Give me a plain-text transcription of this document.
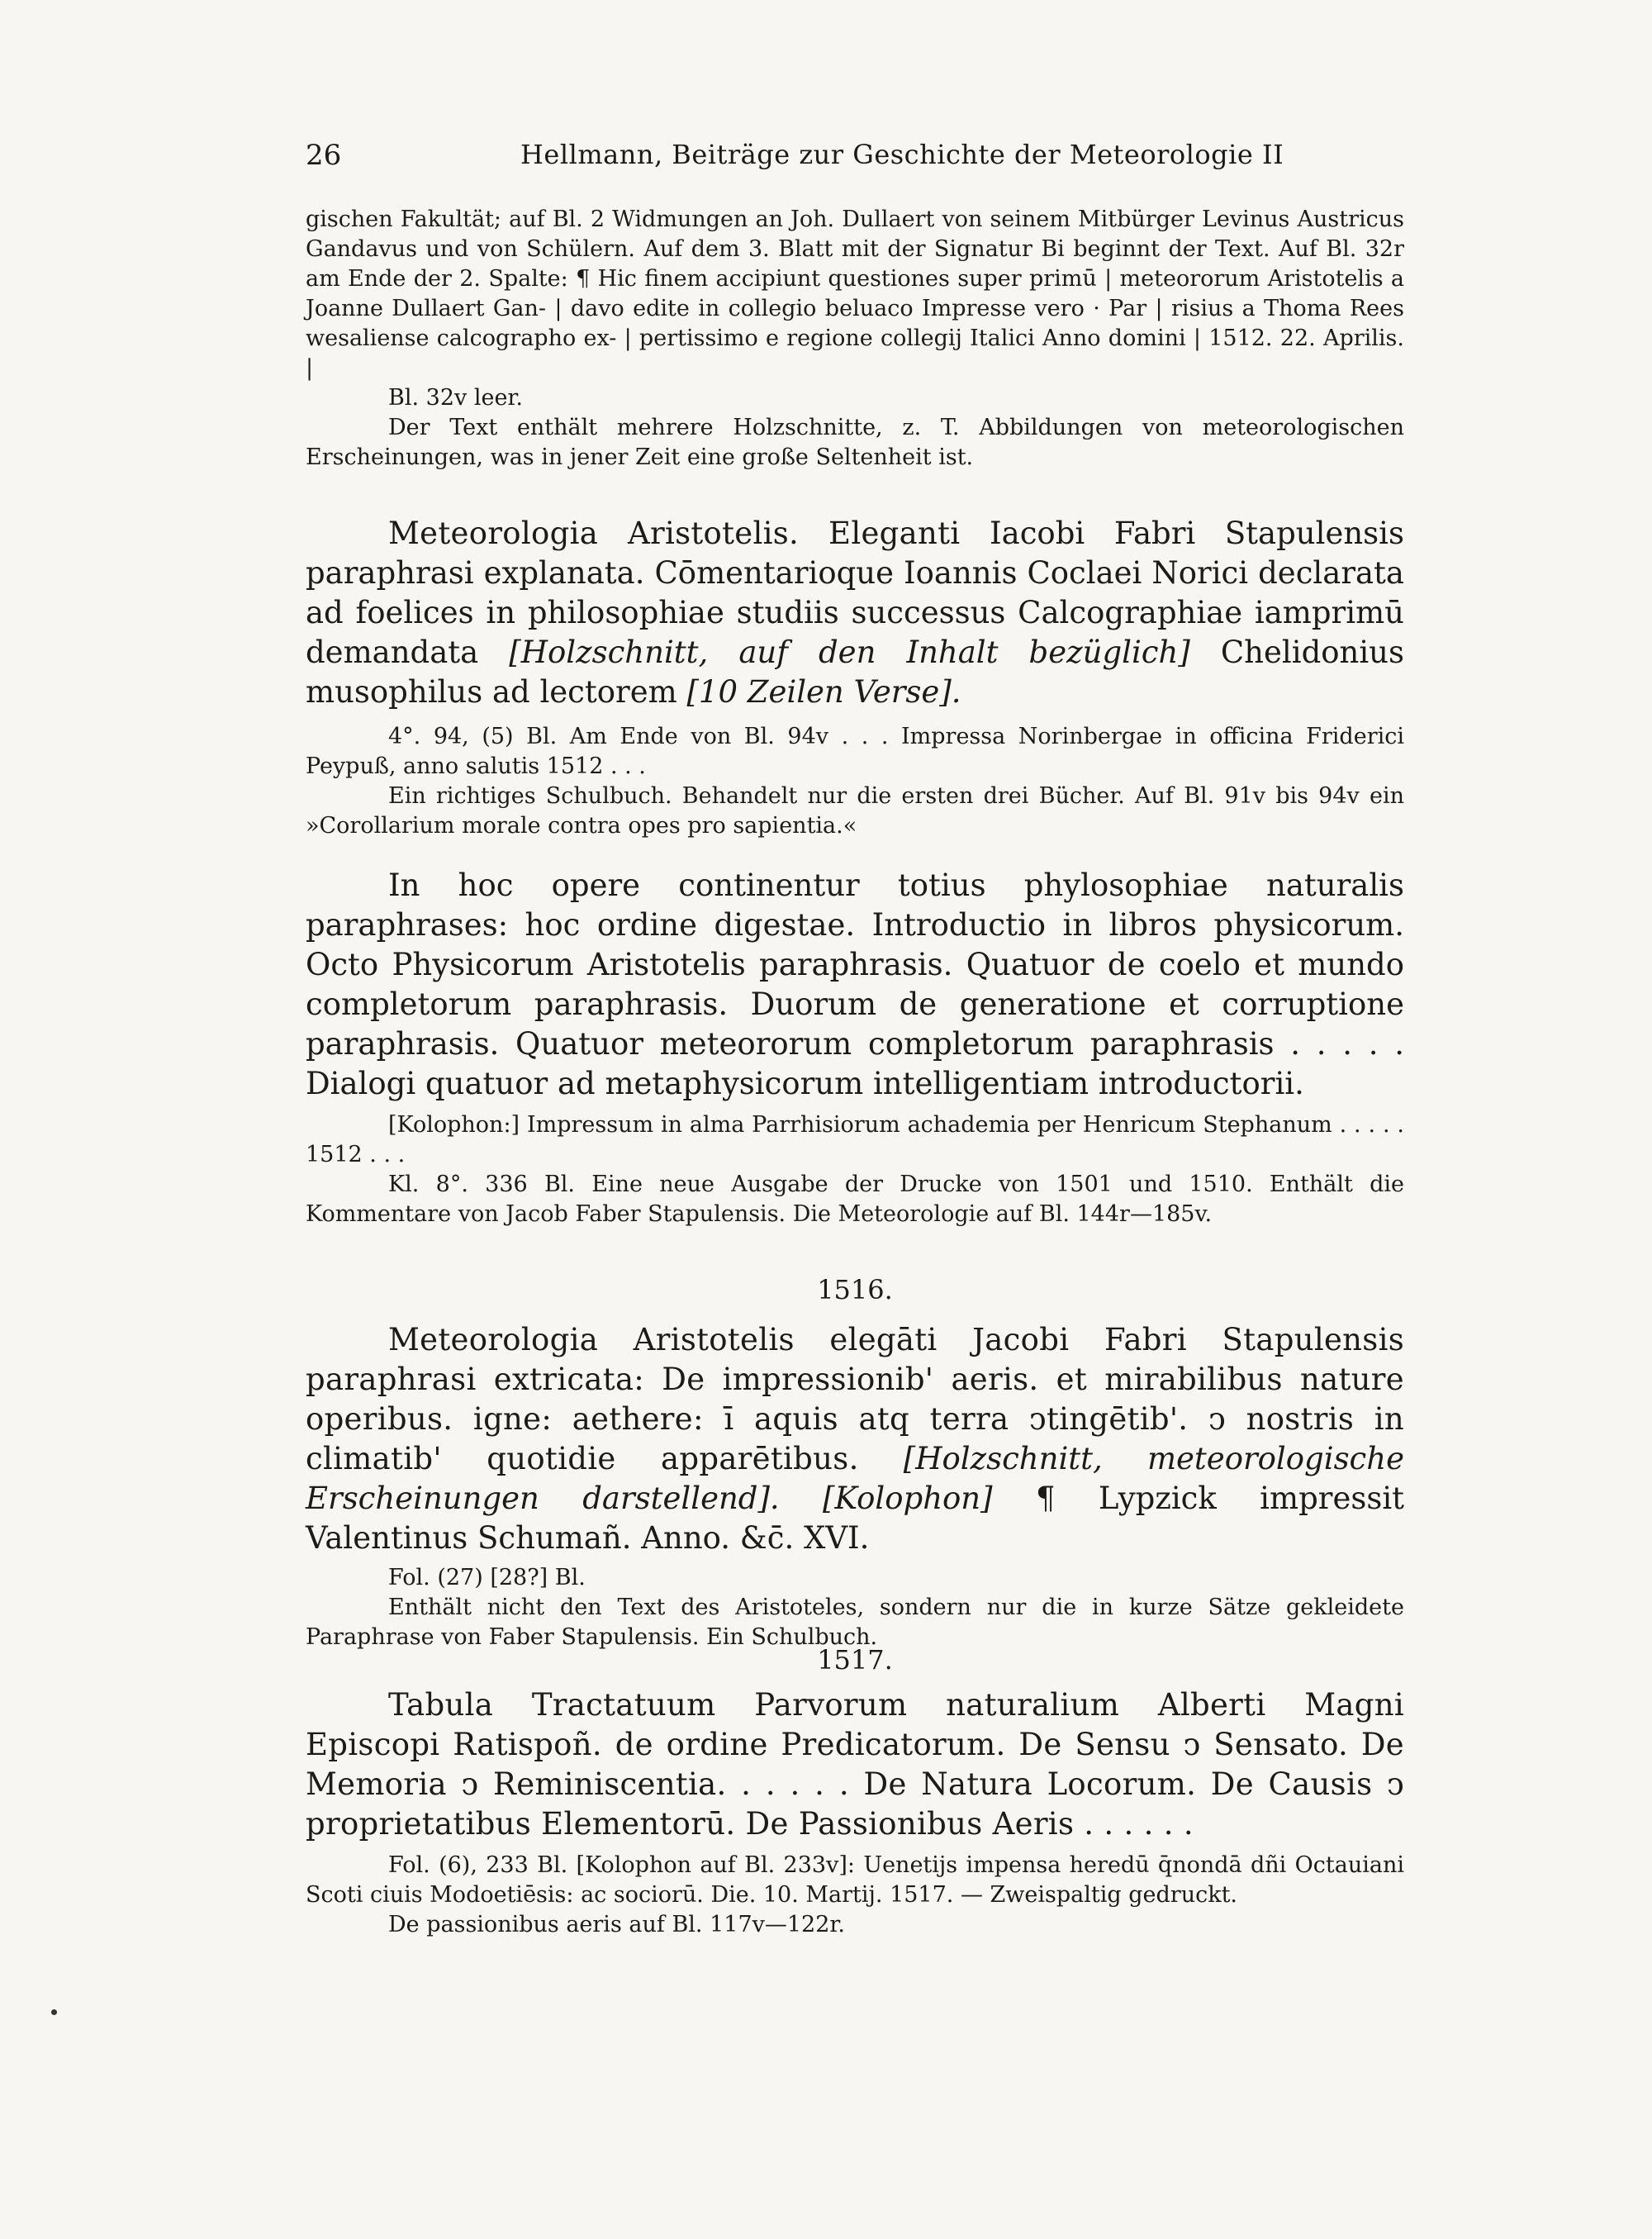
26	Hellmann, Beiträge zur Geschichte der Meteorologie II

gischen Fakultät; auf Bl. 2 Widmungen an Joh. Dullaert von seinem Mitbürger Levinus Austricus Gandavus und von Schülern. Auf dem 3. Blatt mit der Signatur Bi beginnt der Text. Auf Bl. 32r am Ende der 2. Spalte: ¶ Hic finem accipiunt questiones super primū | meteororum Aristotelis a Joanne Dullaert Gan- | davo edite in collegio beluaco Impresse vero · Par | risius a Thoma Rees wesaliense calcographo ex- | pertissimo e regione collegij Italici Anno domini | 1512. 22. Aprilis. |

Bl. 32v leer.

Der Text enthält mehrere Holzschnitte, z. T. Abbildungen von meteorologischen Erscheinungen, was in jener Zeit eine große Seltenheit ist.

Meteorologia Aristotelis. Eleganti Iacobi Fabri Stapulensis paraphrasi explanata. Cōmentarioque Ioannis Coclaei Norici declarata ad foelices in philosophiae studiis successus Calcographiae iamprimū demandata [Holzschnitt, auf den Inhalt bezüglich] Chelidonius musophilus ad lectorem [10 Zeilen Verse].

4°. 94, (5) Bl. Am Ende von Bl. 94v . . . Impressa Norinbergae in officina Friderici Peypuß, anno salutis 1512 . . .

Ein richtiges Schulbuch. Behandelt nur die ersten drei Bücher. Auf Bl. 91v bis 94v ein »Corollarium morale contra opes pro sapientia.«

In hoc opere continentur totius phylosophiae naturalis paraphrases: hoc ordine digestae. Introductio in libros physicorum. Octo Physicorum Aristotelis paraphrasis. Quatuor de coelo et mundo completorum paraphrasis. Duorum de generatione et corruptione paraphrasis. Quatuor meteororum completorum paraphrasis . . . . . Dialogi quatuor ad metaphysicorum intelligentiam introductorii.

[Kolophon:] Impressum in alma Parrhisiorum achademia per Henricum Stephanum . . . . . 1512 . . .

Kl. 8°. 336 Bl. Eine neue Ausgabe der Drucke von 1501 und 1510. Enthält die Kommentare von Jacob Faber Stapulensis. Die Meteorologie auf Bl. 144r—185v.

1516.

Meteorologia Aristotelis elegāti Jacobi Fabri Stapulensis paraphrasi extricata: De impressionib' aeris. et mirabilibus nature operibus. igne: aethere: ī aquis atq terra ↄtingētib'. ↄ nostris in climatib' quotidie apparētibus. [Holzschnitt, meteorologische Erscheinungen darstellend]. [Kolophon] ¶ Lypzick impressit Valentinus Schumañ. Anno. &c̄. XVI.

Fol. (27) [28?] Bl.

Enthält nicht den Text des Aristoteles, sondern nur die in kurze Sätze gekleidete Paraphrase von Faber Stapulensis. Ein Schulbuch.

1517.

Tabula Tractatuum Parvorum naturalium Alberti Magni Episcopi Ratispoñ. de ordine Predicatorum. De Sensu ↄ Sensato. De Memoria ↄ Reminiscentia. . . . . . De Natura Locorum. De Causis ↄ proprietatibus Elementorū. De Passionibus Aeris . . . . . .

Fol. (6), 233 Bl. [Kolophon auf Bl. 233v]: Uenetijs impensa heredū q̄nondā dñi Octauiani Scoti ciuis Modoetiēsis: ac sociorū. Die. 10. Martij. 1517. — Zweispaltig gedruckt.

De passionibus aeris auf Bl. 117v—122r.
